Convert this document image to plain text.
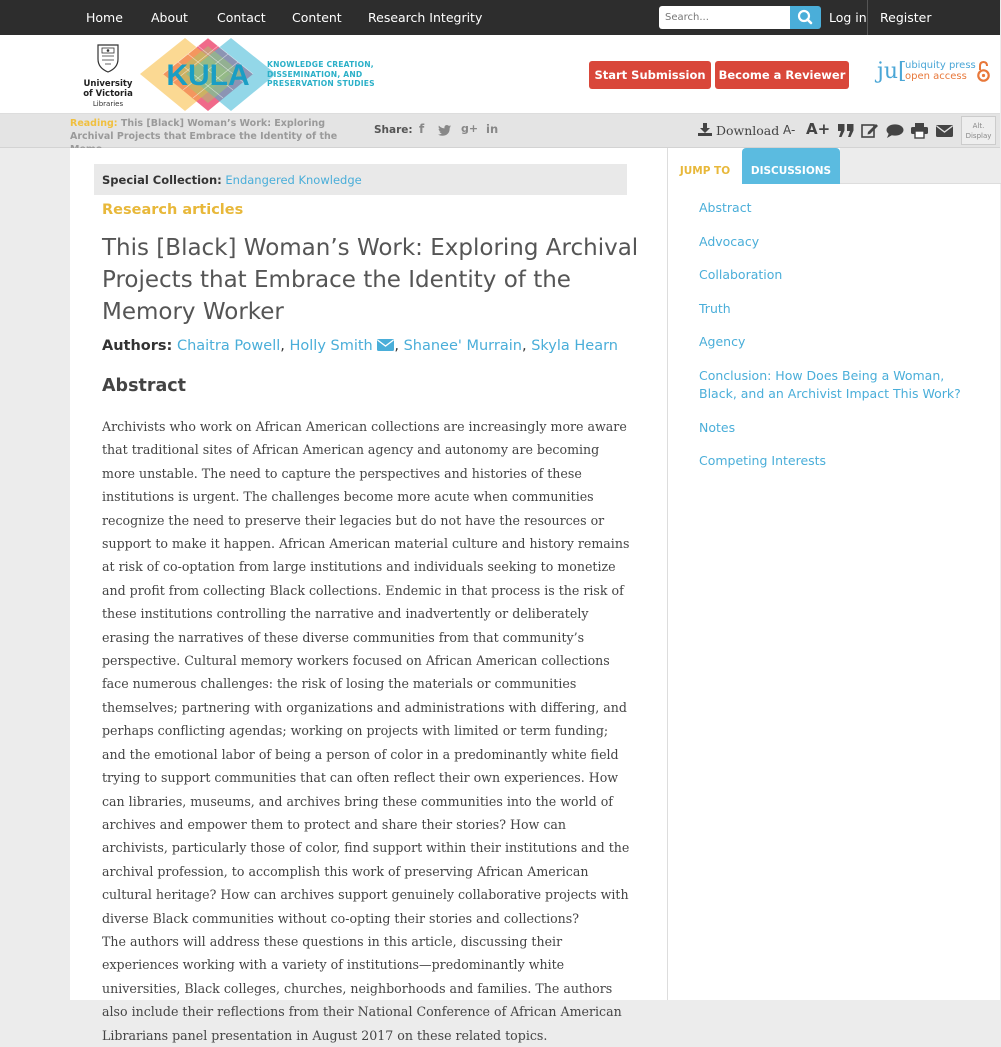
Home About Contact Content Research Integrity
Search...	Log in Register
University
of Victoria
Libraries
KULA KNOWLEDGE CREATION,
DISSEMINATION, AND
PRESERVATION STUDIES
Start Submission	Become a Reviewer ju[
ubiquity press
open access
Reading: This [Black] Woman’s Work: Exploring Archival Projects that Embrace the Identity of the
Share: f	g+ in	Download A- A+	Alt.
Display
Special Collection: Endangered Knowledge
Research articles
This [Black] Woman’s Work: Exploring Archival Projects that Embrace the Identity of the Memory Worker
Authors: Chaitra Powell, Holly Smith , Shanee' Murrain, Skyla Hearn
Abstract

Archivists who work on African American collections are increasingly more aware that traditional sites of African American agency and autonomy are becoming more unstable. The need to capture the perspectives and histories of these institutions is urgent. The challenges become more acute when communities recognize the need to preserve their legacies but do not have the resources or support to make it happen. African American material culture and history remains at risk of co-optation from large institutions and individuals seeking to monetize and profit from collecting Black collections. Endemic in that process is the risk of these institutions controlling the narrative and inadvertently or deliberately erasing the narratives of these diverse communities from that community’s perspective. Cultural memory workers focused on African American collections face numerous challenges: the risk of losing the materials or communities themselves; partnering with organizations and administrations with differing, and perhaps conflicting agendas; working on projects with limited or term funding; and the emotional labor of being a person of color in a predominantly white field trying to support communities that can often reflect their own experiences. How can libraries, museums, and archives bring these communities into the world of archives and empower them to protect and share their stories? How can archivists, particularly those of color, find support within their institutions and the archival profession, to accomplish this work of preserving African American cultural heritage? How can archives support genuinely collaborative projects with diverse Black communities without co-opting their stories and collections?

The authors will address these questions in this article, discussing their experiences working with a variety of institutions—predominantly white universities, Black colleges, churches, neighborhoods and families. The authors also include their reflections from their National Conference of African American Librarians panel presentation in August 2017 on these related topics.

JUMP TO	DISCUSSIONS
Abstract
Advocacy
Collaboration
Truth
Agency
Conclusion: How Does Being a Woman, Black, and an Archivist Impact This Work?
Notes
Competing Interests
